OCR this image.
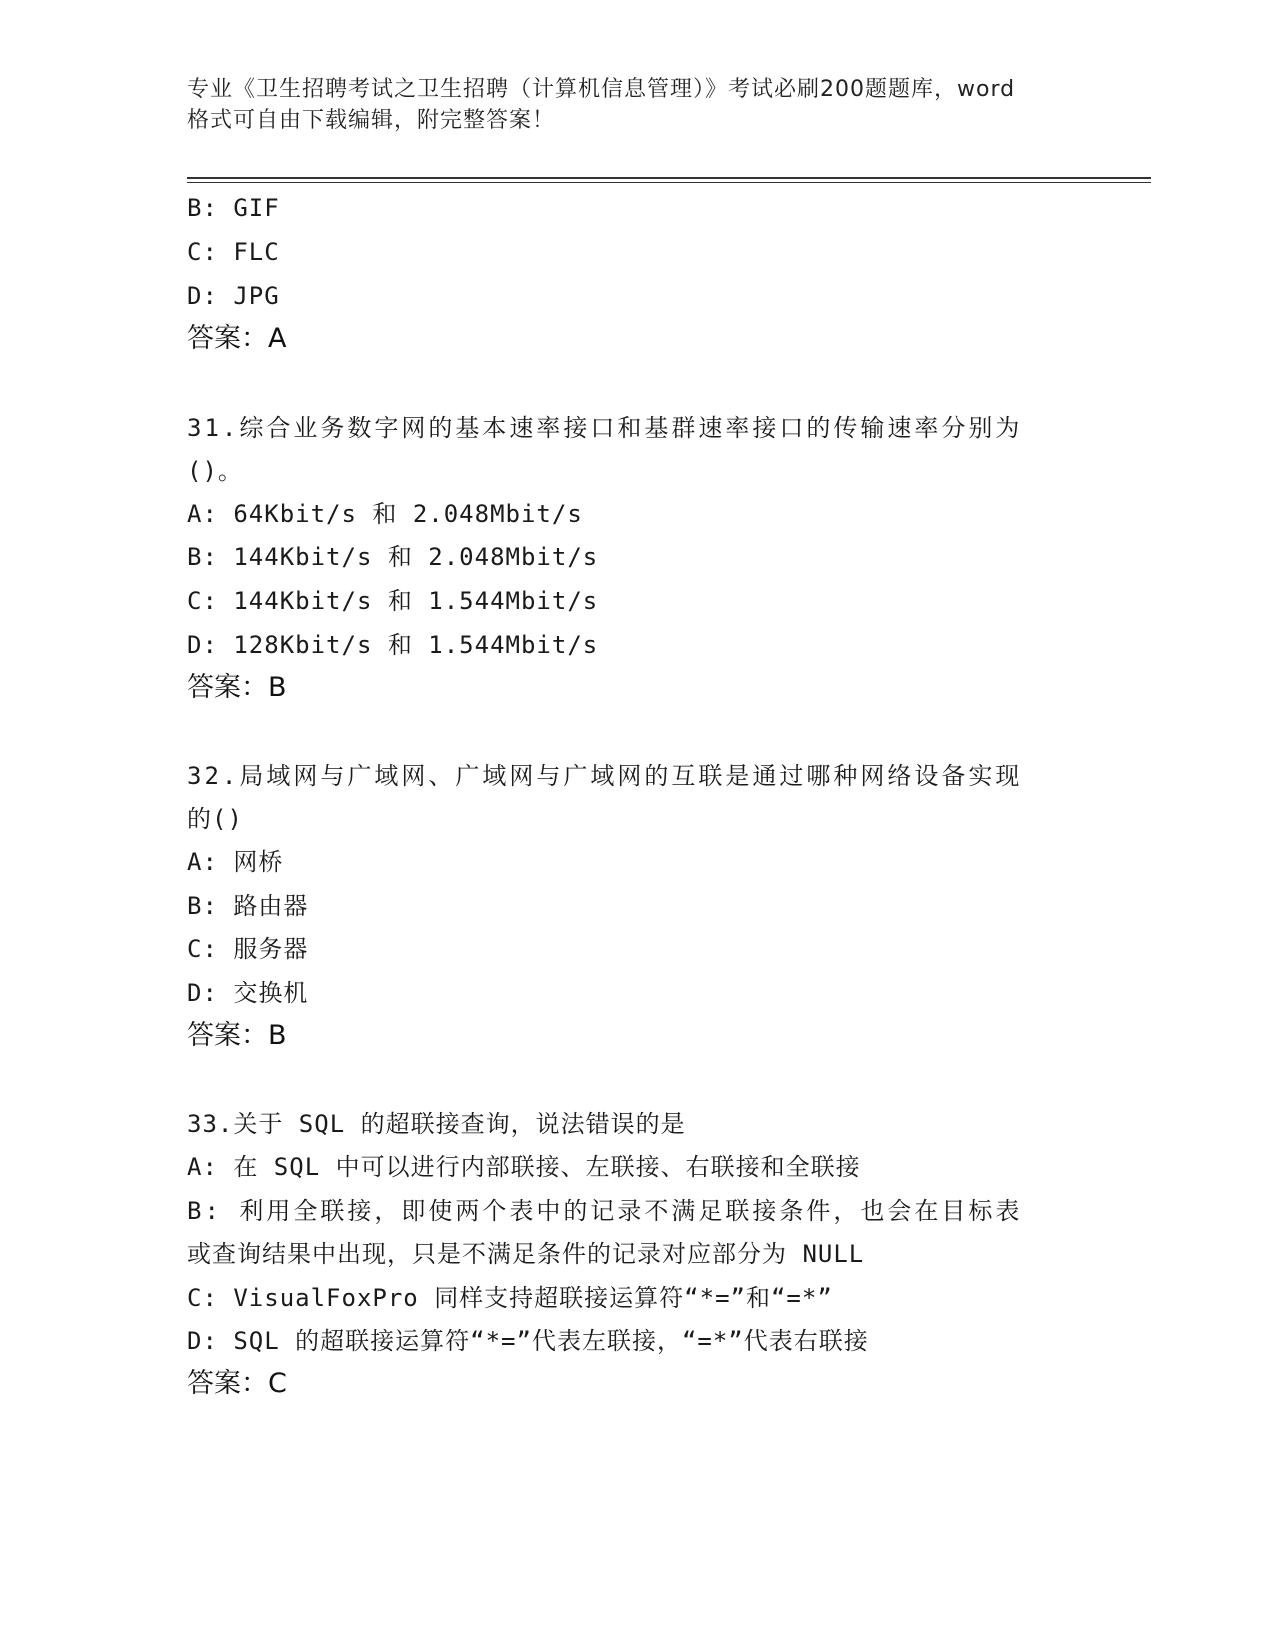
专业《卫生招聘考试之卫生招聘（计算机信息管理）》考试必刷200题题库，word
格式可自由下载编辑，附完整答案！
B: GIF
C: FLC
D: JPG
答案：A
31.综合业务数字网的基本速率接口和基群速率接口的传输速率分别为
()。
A: 64Kbit/s 和 2.048Mbit/s
B: 144Kbit/s 和 2.048Mbit/s
C: 144Kbit/s 和 1.544Mbit/s
D: 128Kbit/s 和 1.544Mbit/s
答案：B
32.局域网与广域网、广域网与广域网的互联是通过哪种网络设备实现
的()
A: 网桥
B: 路由器
C: 服务器
D: 交换机
答案：B
33.关于 SQL 的超联接查询，说法错误的是
A: 在 SQL 中可以进行内部联接、左联接、右联接和全联接
B: 利用全联接，即使两个表中的记录不满足联接条件，也会在目标表
或查询结果中出现，只是不满足条件的记录对应部分为 NULL
C: VisualFoxPro 同样支持超联接运算符“*=”和“=*”
D: SQL 的超联接运算符“*=”代表左联接，“=*”代表右联接
答案：C
